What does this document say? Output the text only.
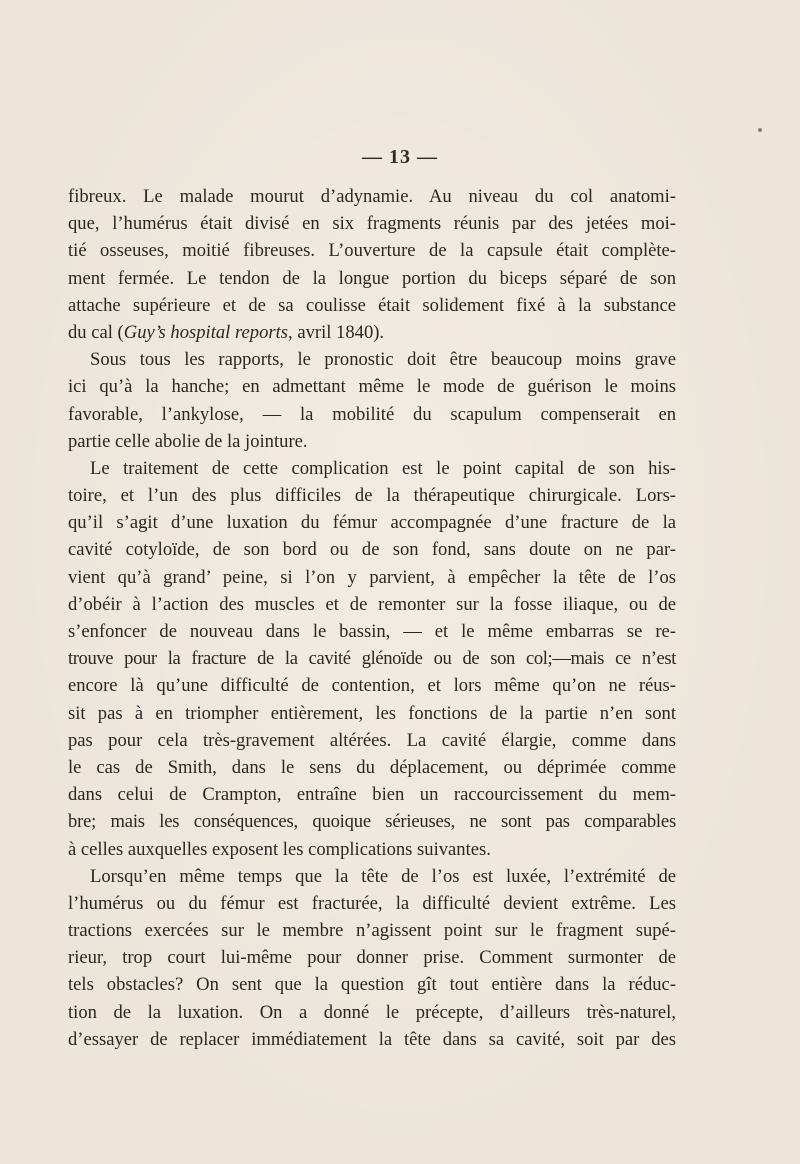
— 13 —
fibreux. Le malade mourut d’adynamie. Au niveau du col anatomi-
que, l’humérus était divisé en six fragments réunis par des jetées moi-
tié osseuses, moitié fibreuses. L’ouverture de la capsule était complète-
ment fermée. Le tendon de la longue portion du biceps séparé de son
attache supérieure et de sa coulisse était solidement fixé à la substance
du cal (Guy’s hospital reports, avril 1840).
Sous tous les rapports, le pronostic doit être beaucoup moins grave
ici qu’à la hanche; en admettant même le mode de guérison le moins
favorable, l’ankylose, — la mobilité du scapulum compenserait en
partie celle abolie de la jointure.
Le traitement de cette complication est le point capital de son his-
toire, et l’un des plus difficiles de la thérapeutique chirurgicale. Lors-
qu’il s’agit d’une luxation du fémur accompagnée d’une fracture de la
cavité cotyloïde, de son bord ou de son fond, sans doute on ne par-
vient qu’à grand’ peine, si l’on y parvient, à empêcher la tête de l’os
d’obéir à l’action des muscles et de remonter sur la fosse iliaque, ou de
s’enfoncer de nouveau dans le bassin, — et le même embarras se re-
trouve pour la fracture de la cavité glénoïde ou de son col;—mais ce n’est
encore là qu’une difficulté de contention, et lors même qu’on ne réus-
sit pas à en triompher entièrement, les fonctions de la partie n’en sont
pas pour cela très-gravement altérées. La cavité élargie, comme dans
le cas de Smith, dans le sens du déplacement, ou déprimée comme
dans celui de Crampton, entraîne bien un raccourcissement du mem-
bre; mais les conséquences, quoique sérieuses, ne sont pas comparables
à celles auxquelles exposent les complications suivantes.
Lorsqu’en même temps que la tête de l’os est luxée, l’extrémité de
l’humérus ou du fémur est fracturée, la difficulté devient extrême. Les
tractions exercées sur le membre n’agissent point sur le fragment supé-
rieur, trop court lui-même pour donner prise. Comment surmonter de
tels obstacles? On sent que la question gît tout entière dans la réduc-
tion de la luxation. On a donné le précepte, d’ailleurs très-naturel,
d’essayer de replacer immédiatement la tête dans sa cavité, soit par des
